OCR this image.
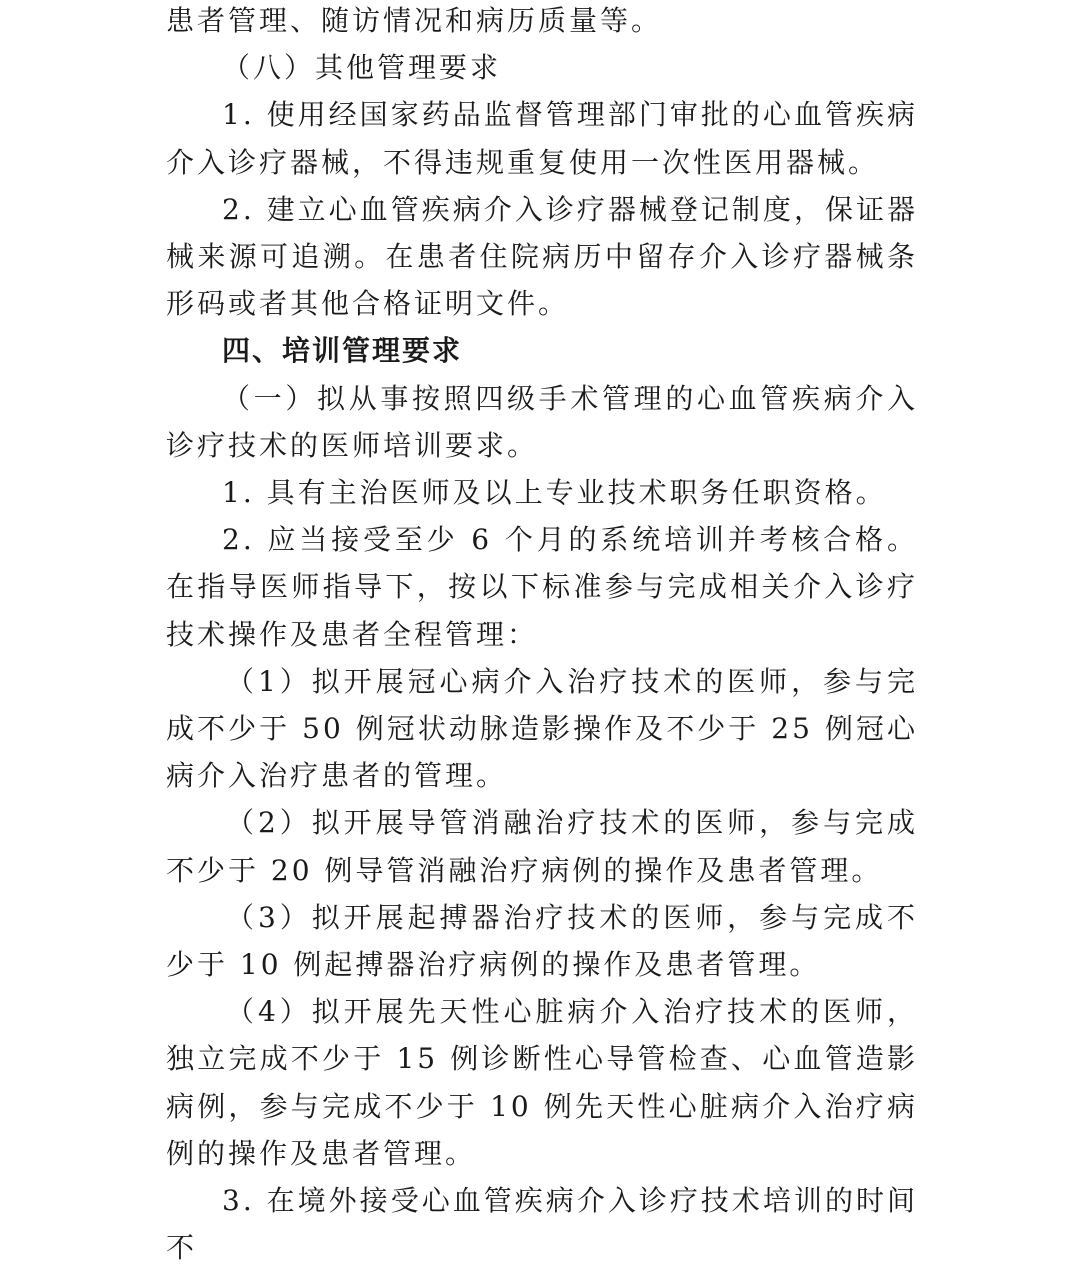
患者管理、随访情况和病历质量等。

（八）其他管理要求

1. 使用经国家药品监督管理部门审批的心血管疾病介入诊疗器械，不得违规重复使用一次性医用器械。

2. 建立心血管疾病介入诊疗器械登记制度，保证器械来源可追溯。在患者住院病历中留存介入诊疗器械条形码或者其他合格证明文件。

四、培训管理要求

（一）拟从事按照四级手术管理的心血管疾病介入诊疗技术的医师培训要求。

1. 具有主治医师及以上专业技术职务任职资格。

2. 应当接受至少 6 个月的系统培训并考核合格。在指导医师指导下，按以下标准参与完成相关介入诊疗技术操作及患者全程管理：

（1）拟开展冠心病介入治疗技术的医师，参与完成不少于 50 例冠状动脉造影操作及不少于 25 例冠心病介入治疗患者的管理。

（2）拟开展导管消融治疗技术的医师，参与完成不少于 20 例导管消融治疗病例的操作及患者管理。

（3）拟开展起搏器治疗技术的医师，参与完成不少于 10 例起搏器治疗病例的操作及患者管理。

（4）拟开展先天性心脏病介入治疗技术的医师，独立完成不少于 15 例诊断性心导管检查、心血管造影病例，参与完成不少于 10 例先天性心脏病介入治疗病例的操作及患者管理。

3. 在境外接受心血管疾病介入诊疗技术培训的时间不
